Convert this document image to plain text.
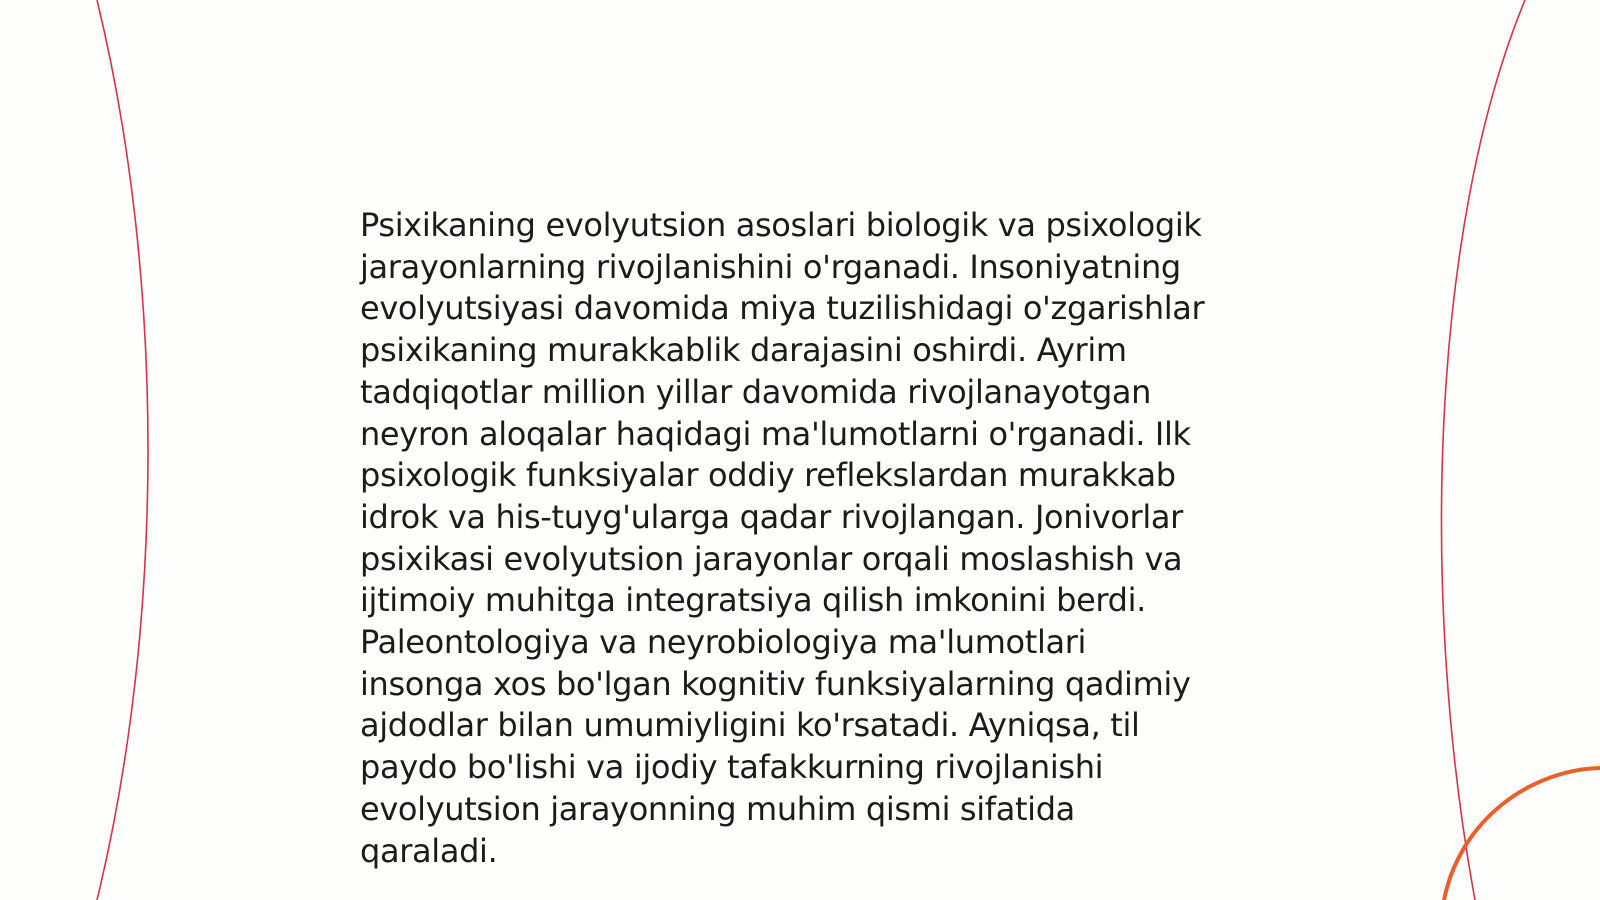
Psixikaning evolyutsion asoslari biologik va psixologik
jarayonlarning rivojlanishini o'rganadi. Insoniyatning
evolyutsiyasi davomida miya tuzilishidagi o'zgarishlar
psixikaning murakkablik darajasini oshirdi. Ayrim
tadqiqotlar million yillar davomida rivojlanayotgan
neyron aloqalar haqidagi ma'lumotlarni o'rganadi. Ilk
psixologik funksiyalar oddiy reflekslardan murakkab
idrok va his-tuyg'ularga qadar rivojlangan. Jonivorlar
psixikasi evolyutsion jarayonlar orqali moslashish va
ijtimoiy muhitga integratsiya qilish imkonini berdi.
Paleontologiya va neyrobiologiya ma'lumotlari
insonga xos bo'lgan kognitiv funksiyalarning qadimiy
ajdodlar bilan umumiyligini ko'rsatadi. Ayniqsa, til
paydo bo'lishi va ijodiy tafakkurning rivojlanishi
evolyutsion jarayonning muhim qismi sifatida
qaraladi.
